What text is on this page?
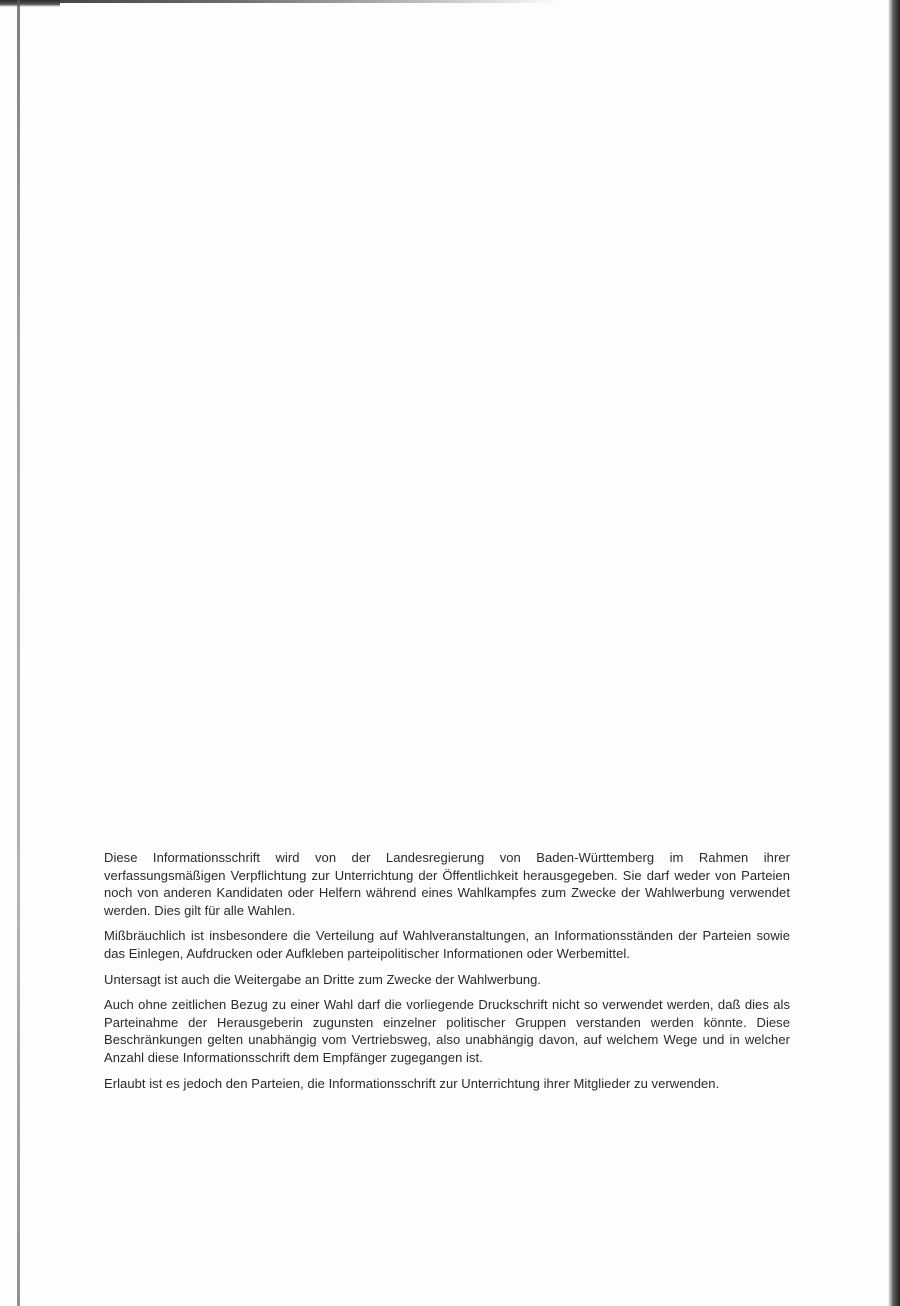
Diese Informationsschrift wird von der Landesregierung von Baden-Württemberg im Rahmen ihrer verfassungsmäßigen Verpflichtung zur Unterrichtung der Öffentlichkeit herausgegeben. Sie darf weder von Parteien noch von anderen Kandidaten oder Helfern während eines Wahlkampfes zum Zwecke der Wahlwerbung verwendet werden. Dies gilt für alle Wahlen.

Mißbräuchlich ist insbesondere die Verteilung auf Wahlveranstaltungen, an Informationsständen der Parteien sowie das Einlegen, Aufdrucken oder Aufkleben parteipolitischer Informationen oder Werbemittel.

Untersagt ist auch die Weitergabe an Dritte zum Zwecke der Wahlwerbung.

Auch ohne zeitlichen Bezug zu einer Wahl darf die vorliegende Druckschrift nicht so verwendet werden, daß dies als Parteinahme der Herausgeberin zugunsten einzelner politischer Gruppen verstanden werden könnte. Diese Beschränkungen gelten unabhängig vom Vertriebsweg, also unabhängig davon, auf welchem Wege und in welcher Anzahl diese Informationsschrift dem Empfänger zugegangen ist.

Erlaubt ist es jedoch den Parteien, die Informationsschrift zur Unterrichtung ihrer Mitglieder zu verwenden.
